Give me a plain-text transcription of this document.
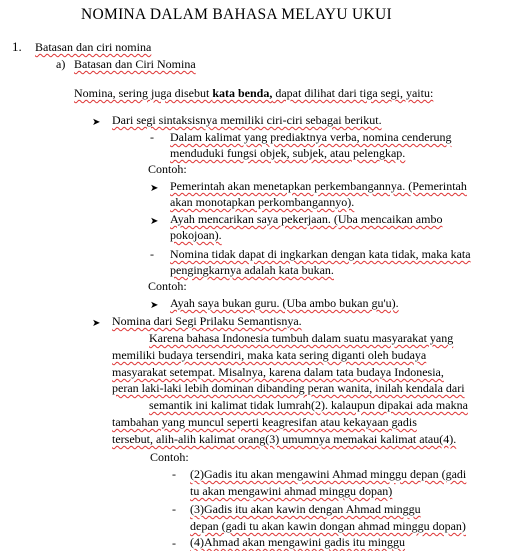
NOMINA DALAM BAHASA MELAYU UKUI
1. Batasan dan ciri nomina
a) Batasan dan Ciri Nomina
Nomina, sering juga disebut kata benda, dapat dilihat dari tiga segi, yaitu:
➤ Dari segi sintaksisnya memiliki ciri-ciri sebagai berikut.
- Dalam kalimat yang prediaktnya verba, nomina cenderung
menduduki fungsi objek, subjek, atau pelengkap.
Contoh:
➤ Pemerintah akan menetapkan perkembangannya. (Pemerintah
akan monotapkan perkombangannyo).
➤ Ayah mencarikan saya pekerjaan. (Uba mencaikan ambo
pokojoan).
- Nomina tidak dapat di ingkarkan dengan kata tidak, maka kata
pengingkarnya adalah kata bukan.
Contoh:
➤ Ayah saya bukan guru. (Uba ambo bukan gu'u).
➤ Nomina dari Segi Prilaku Semantisnya.
Karena bahasa Indonesia tumbuh dalam suatu masyarakat yang
memiliki budaya tersendiri, maka kata sering diganti oleh budaya
masyarakat setempat. Misalnya, karena dalam tata budaya Indonesia,
peran laki-laki lebih dominan dibanding peran wanita, inilah kendala dari
semantik ini kalimat tidak lumrah(2). kalaupun dipakai ada makna
tambahan yang muncul seperti keagresifan atau kekayaan gadis
tersebut, alih-alih kalimat orang(3) umumnya memakai kalimat atau(4).
Contoh:
- (2)Gadis itu akan mengawini Ahmad minggu depan (gadi
tu akan mengawini ahmad minggu dopan)
- (3)Gadis itu akan kawin dengan Ahmad minggu
depan (gadi tu akan kawin dongan ahmad minggu dopan)
- (4)Ahmad akan mengawini gadis itu minggu
